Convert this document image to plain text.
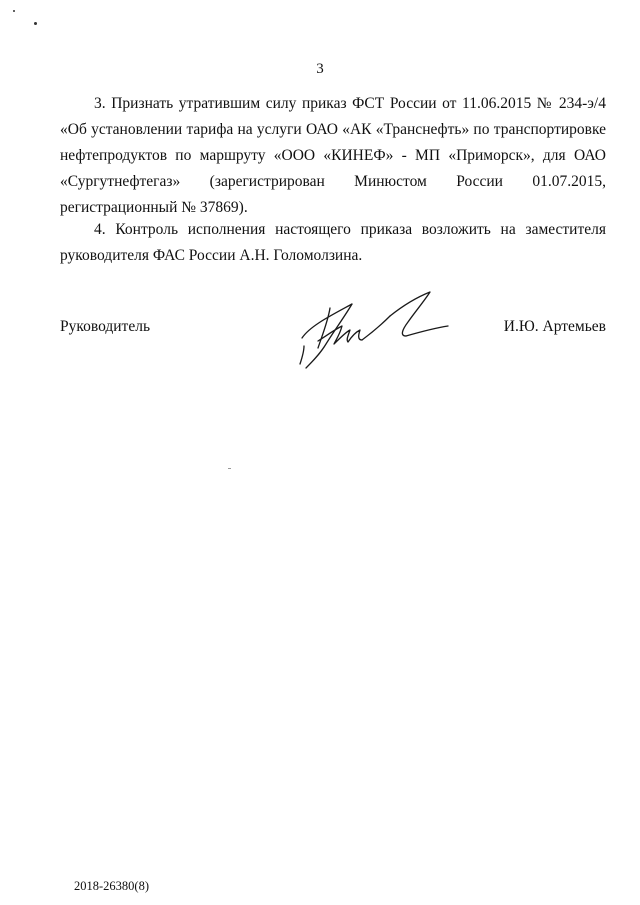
3

3. Признать утратившим силу приказ ФСТ России от 11.06.2015 № 234-э/4 «Об установлении тарифа на услуги ОАО «АК «Транснефть» по транспортировке нефтепродуктов по маршруту «ООО «КИНЕФ» - МП «Приморск», для ОАО «Сургутнефтегаз» (зарегистрирован Минюстом России 01.07.2015, регистрационный № 37869).

4. Контроль исполнения настоящего приказа возложить на заместителя руководителя ФАС России А.Н. Голомолзина.

Руководитель	И.Ю. Артемьев
2018-26380(8)
